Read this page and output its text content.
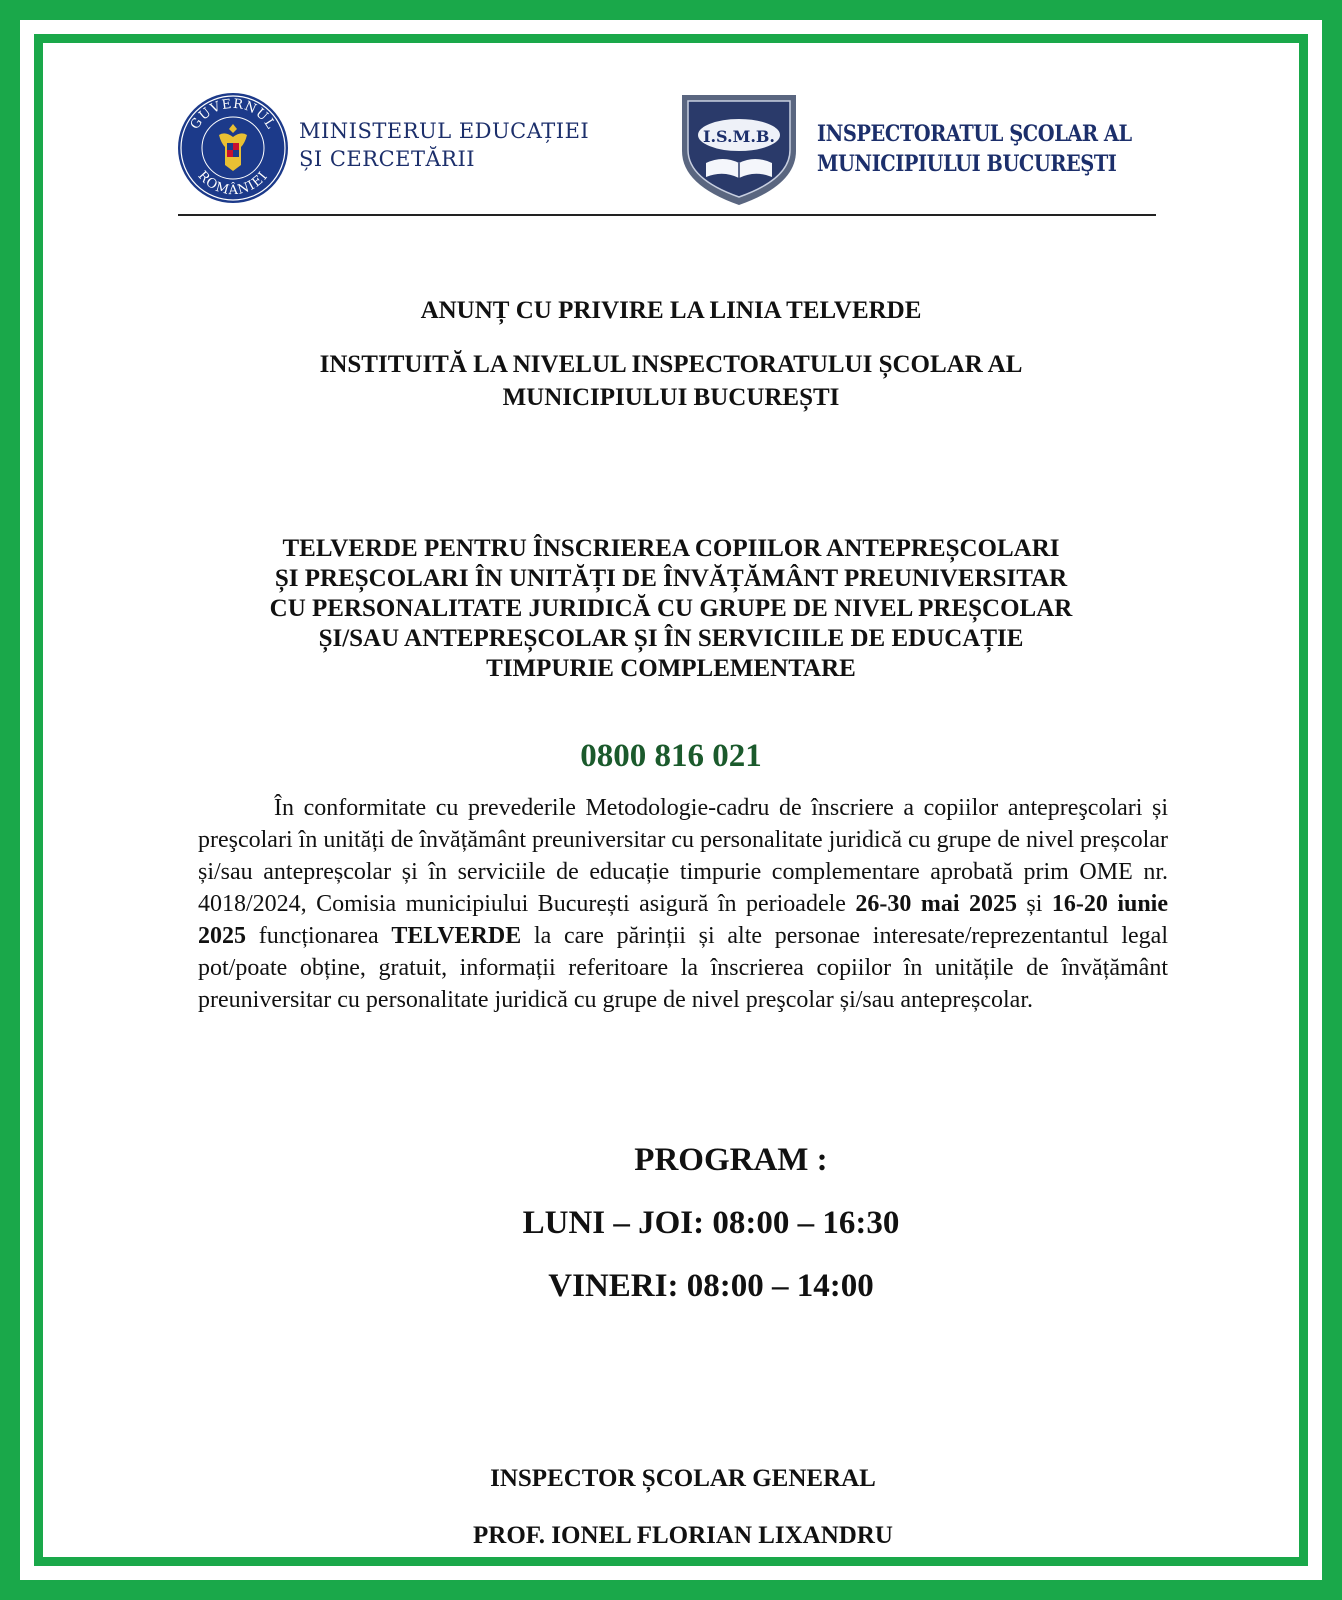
GUVERNUL
ROMÂNIEI
MINISTERUL EDUCAȚIEI
ȘI CERCETĂRII
I.S.M.B. INSPECTORATUL ŞCOLAR AL
MUNICIPIULUI BUCUREŞTI
ANUNȚ CU PRIVIRE LA LINIA TELVERDE
INSTITUITĂ LA NIVELUL INSPECTORATULUI ȘCOLAR AL
MUNICIPIULUI BUCUREȘTI
TELVERDE PENTRU ÎNSCRIEREA COPIILOR ANTEPREȘCOLARI
ȘI PREȘCOLARI ÎN UNITĂȚI DE ÎNVĂȚĂMÂNT PREUNIVERSITAR
CU PERSONALITATE JURIDICĂ CU GRUPE DE NIVEL PREȘCOLAR
ȘI/SAU ANTEPREȘCOLAR ȘI ÎN SERVICIILE DE EDUCAȚIE
TIMPURIE COMPLEMENTARE
0800 816 021
În conformitate cu prevederile Metodologie-cadru de înscriere a copiilor anteprеşcolari și preşcolari în unități de învățământ preuniversitar cu personalitate juridică cu grupe de nivel preșcolar și/sau antepreșcolar și în serviciile de educație timpurie complementare aprobată prim OME nr. 4018/2024, Comisia municipiului București asigură în perioadele 26-30 mai 2025 și 16-20 iunie 2025 funcționarea TELVERDE la care părinții și alte personae interesate/reprezentantul legal pot/poate obține, gratuit, informații referitoare la înscrierea copiilor în unitățile de învățământ preuniversitar cu personalitate juridică cu grupe de nivel preşcolar și/sau antepreșcolar.
PROGRAM :
LUNI – JOI: 08:00 – 16:30
VINERI: 08:00 – 14:00
INSPECTOR ȘCOLAR GENERAL
PROF. IONEL FLORIAN LIXANDRU
